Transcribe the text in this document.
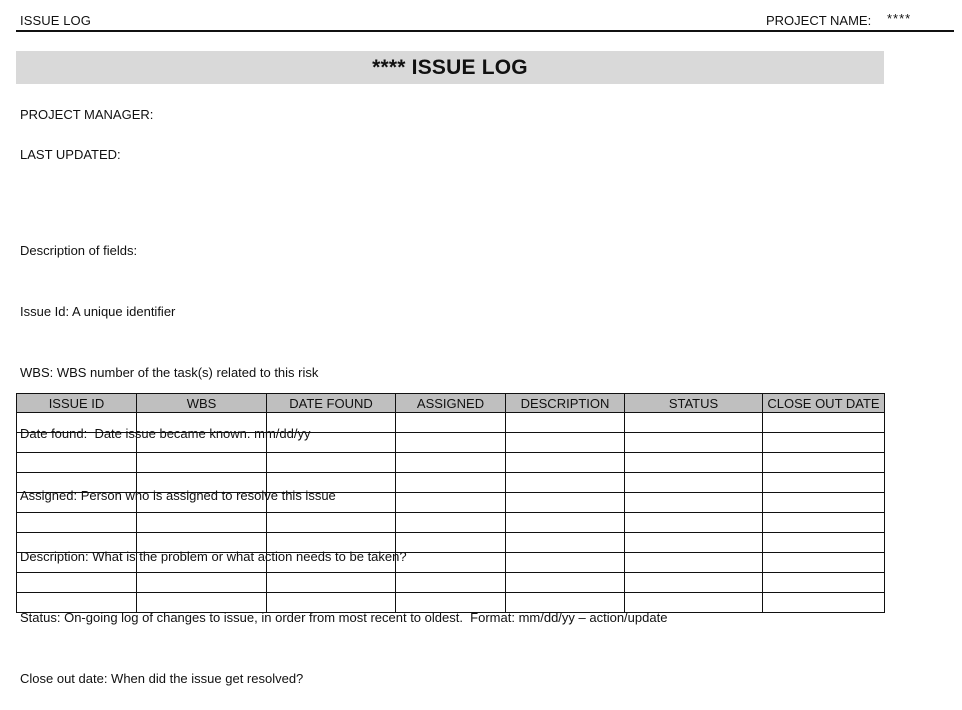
ISSUE LOG	PROJECT NAME: ****
**** ISSUE LOG
PROJECT MANAGER:
LAST UPDATED:

Description of fields:

Issue Id: A unique identifier

WBS: WBS number of the task(s) related to this risk

Date found:  Date issue became known. mm/dd/yy

Assigned: Person who is assigned to resolve this issue

Description: What is the problem or what action needs to be taken?

Status: On-going log of changes to issue, in order from most recent to oldest.  Format: mm/dd/yy – action/update

Close out date: When did the issue get resolved?

ISSUE ID	WBS	DATE FOUND	ASSIGNED	DESCRIPTION	STATUS	CLOSE OUT DATE
